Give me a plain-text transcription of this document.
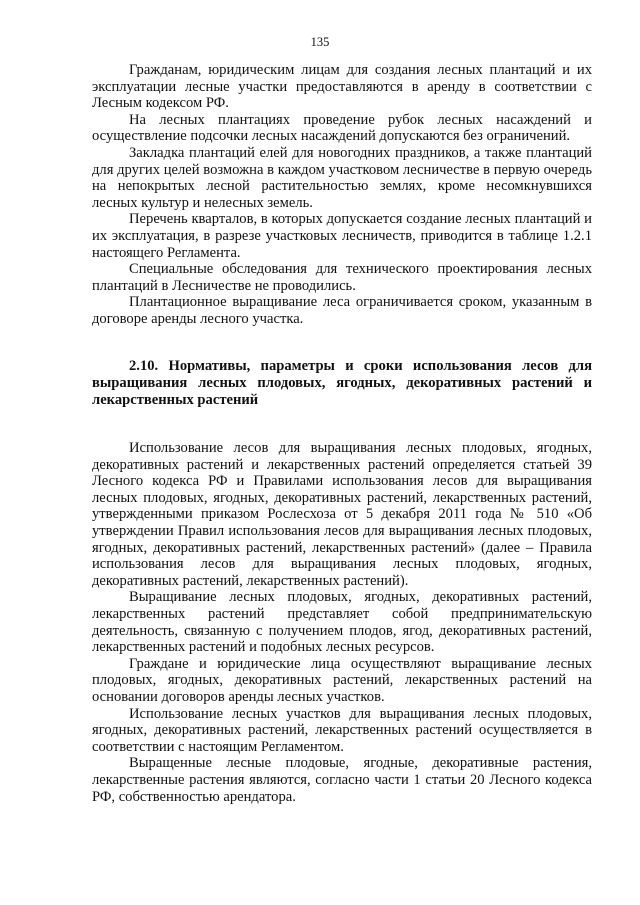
135

Гражданам, юридическим лицам для создания лесных плантаций и их эксплуатации лесные участки предоставляются в аренду в соответствии с Лесным кодексом РФ.

На лесных плантациях проведение рубок лесных насаждений и осуществление подсочки лесных насаждений допускаются без ограничений.

Закладка плантаций елей для новогодних праздников, а также плантаций для других целей возможна в каждом участковом лесничестве в первую очередь на непокрытых лесной растительностью землях, кроме несомкнувшихся лесных культур и нелесных земель.

Перечень кварталов, в которых допускается создание лесных плантаций и их эксплуатация, в разрезе участковых лесничеств, приводится в таблице 1.2.1 настоящего Регламента.

Специальные обследования для технического проектирования лесных плантаций в Лесничестве не проводились.

Плантационное выращивание леса ограничивается сроком, указанным в договоре аренды лесного участка.

2.10. Нормативы, параметры и сроки использования лесов для выращивания лесных плодовых, ягодных, декоративных растений и лекарственных растений

Использование лесов для выращивания лесных плодовых, ягодных, декоративных растений и лекарственных растений определяется статьей 39 Лесного кодекса РФ и Правилами использования лесов для выращивания лесных плодовых, ягодных, декоративных растений, лекарственных растений, утвержденными приказом Рослесхоза от 5 декабря 2011 года № 510 «Об утверждении Правил использования лесов для выращивания лесных плодовых, ягодных, декоративных растений, лекарственных растений» (далее – Правила использования лесов для выращивания лесных плодовых, ягодных, декоративных растений, лекарственных растений).

Выращивание лесных плодовых, ягодных, декоративных растений, лекарственных растений представляет собой предпринимательскую деятельность, связанную с получением плодов, ягод, декоративных растений, лекарственных растений и подобных лесных ресурсов.

Граждане и юридические лица осуществляют выращивание лесных плодовых, ягодных, декоративных растений, лекарственных растений на основании договоров аренды лесных участков.

Использование лесных участков для выращивания лесных плодовых, ягодных, декоративных растений, лекарственных растений осуществляется в соответствии с настоящим Регламентом.

Выращенные лесные плодовые, ягодные, декоративные растения, лекарственные растения являются, согласно части 1 статьи 20 Лесного кодекса РФ, собственностью арендатора.
